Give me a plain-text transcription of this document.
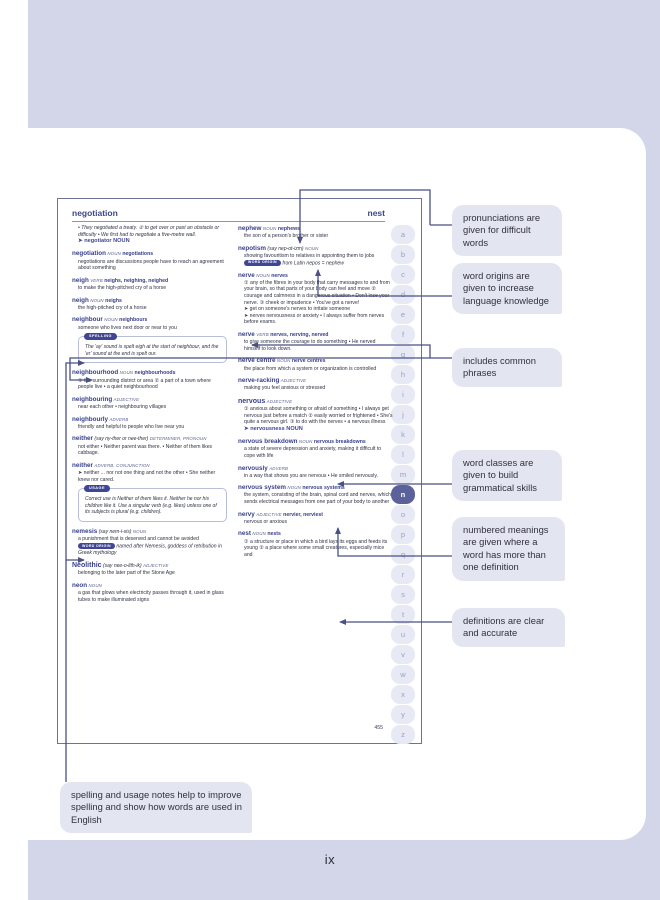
negotiation	nest
a
b
c
d
e
f
g
h
i
j
k
l
m
n
o
p
q
r
s
t
u
v
w
x
y
z
• They negotiated a treaty. ② to get over or past an obstacle or difficulty • We first had to negotiate a five-metre wall.
➤ negotiator NOUN
negotiation NOUN negotiations
negotiations are discussions people have to reach an agreement about something
neigh VERB neighs, neighing, neighed
to make the high-pitched cry of a horse
neigh NOUN neighs
the high-pitched cry of a horse
neighbour NOUN neighbours
someone who lives next door or near to you
SPELLING
The 'ay' sound is spelt eigh at the start of neighbour, and the 'er' sound at the end is spelt our.
neighbourhood NOUN neighbourhoods
① the surrounding district or area ② a part of a town where people live • a quiet neighbourhood
neighbouring ADJECTIVE
near each other • neighbouring villages
neighbourly ADVERB
friendly and helpful to people who live near you
neither (say ny-ther or nee-ther) DETERMINER, PRONOUN
not either • Neither parent was there. • Neither of them likes cabbage.
neither ADVERB, CONJUNCTION
➤ neither ... nor not one thing and not the other • She neither knew nor cared.
USAGE
Correct use is Neither of them likes it. Neither he nor his children like it. Use a singular verb (e.g. likes) unless one of its subjects is plural (e.g. children).
nemesis (say nem-i-sis) NOUN
a punishment that is deserved and cannot be avoided WORD ORIGIN named after Nemesis, goddess of retribution in Greek mythology
Neolithic (say nee-o-lith-ik) ADJECTIVE
belonging to the later part of the Stone Age
neon NOUN
a gas that glows when electricity passes through it, used in glass tubes to make illuminated signs
nephew NOUN nephews
the son of a person's brother or sister
nepotism (say nep-ot-izm) NOUN
showing favouritism to relatives in appointing them to jobs WORD ORIGIN from Latin nepos = nephew
nerve NOUN nerves
① any of the fibres in your body that carry messages to and from your brain, so that parts of your body can feel and move ② courage and calmness in a dangerous situation • Don't lose your nerve. ③ cheek or impudence • You've got a nerve!
➤ get on someone's nerves to irritate someone
➤ nerves nervousness or anxiety • I always suffer from nerves before exams.
nerve VERB nerves, nerving, nerved
to give someone the courage to do something • He nerved himself to look down.
nerve centre NOUN nerve centres
the place from which a system or organization is controlled
nerve-racking ADJECTIVE
making you feel anxious or stressed
nervous ADJECTIVE
① anxious about something or afraid of something • I always get nervous just before a match ② easily worried or frightened • She's quite a nervous girl. ③ to do with the nerves • a nervous illness
➤ nervousness NOUN
nervous breakdown NOUN nervous breakdowns
a state of severe depression and anxiety, making it difficult to cope with life
nervously ADVERB
in a way that shows you are nervous • He smiled nervously.
nervous system NOUN nervous systems
the system, consisting of the brain, spinal cord and nerves, which sends electrical messages from one part of your body to another
nervy ADJECTIVE nervier, nerviest
nervous or anxious
nest NOUN nests
① a structure or place in which a bird lays its eggs and feeds its young ② a place where some small creatures, especially mice and
455
pronunciations are given for difficult words
word origins are given to increase language knowledge
includes common phrases
word classes are given to build grammatical skills
numbered meanings are given where a word has more than one definition
definitions are clear and accurate
spelling and usage notes help to improve spelling and show how words are used in English
ix
